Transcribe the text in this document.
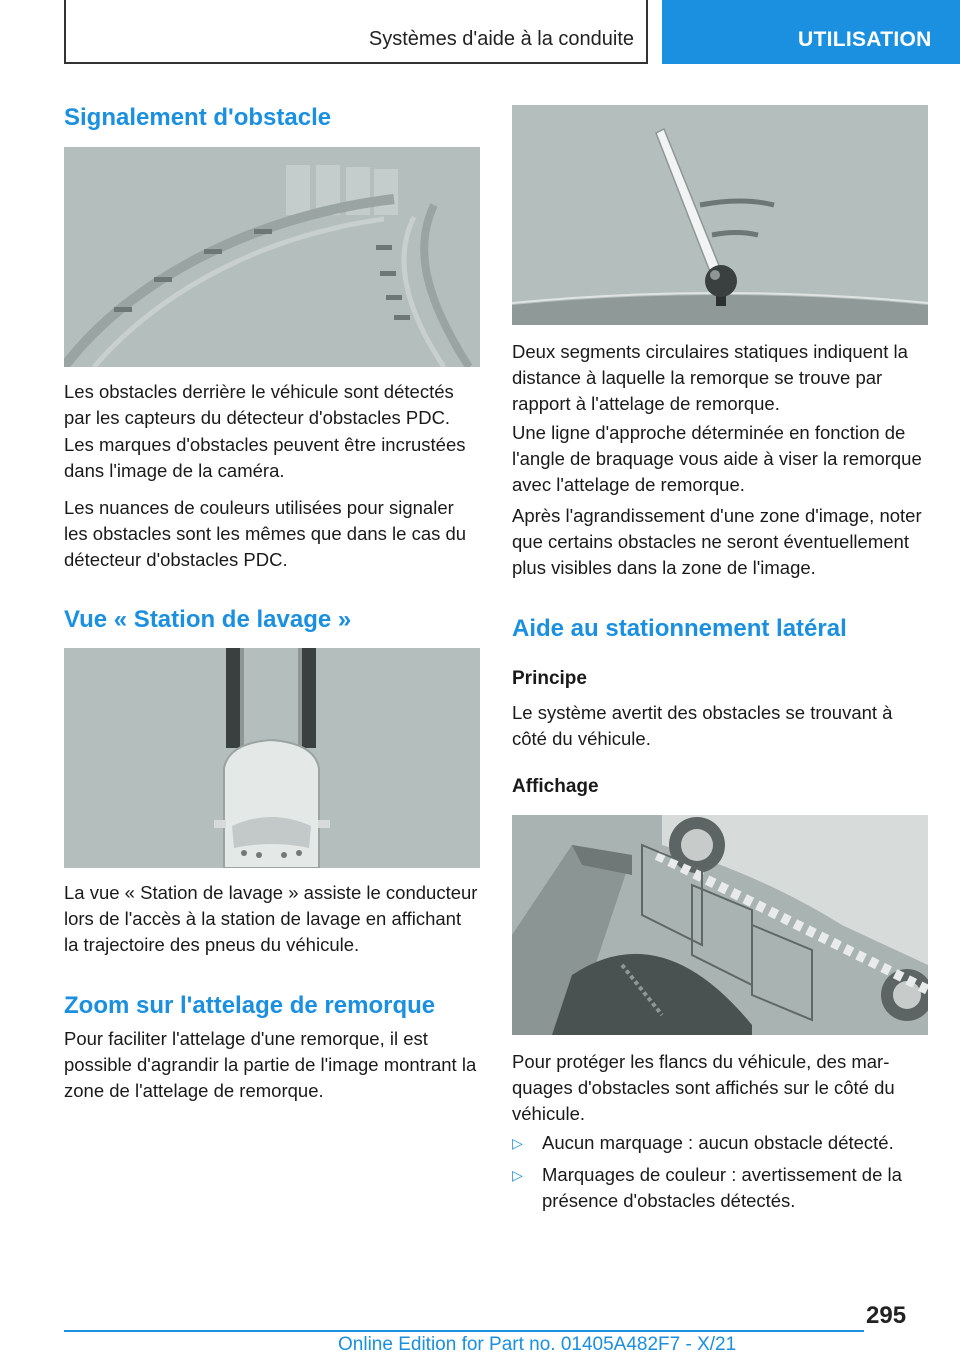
Systèmes d'aide à la conduite	UTILISATION
Signalement d'obstacle

Les obstacles derrière le véhicule sont détectés par les capteurs du détecteur d'obstacles PDC.

Les marques d'obstacles peuvent être incrustées dans l'image de la caméra.

Les nuances de couleurs utilisées pour signaler les obstacles sont les mêmes que dans le cas du détecteur d'obstacles PDC.

Vue « Station de lavage »

La vue « Station de lavage » assiste le conducteur lors de l'accès à la station de lavage en affichant la trajectoire des pneus du véhicule.

Zoom sur l'attelage de remorque

Pour faciliter l'attelage d'une remorque, il est possible d'agrandir la partie de l'image montrant la zone de l'attelage de remorque.

Deux segments circulaires statiques indiquent la distance à laquelle la remorque se trouve par rapport à l'attelage de remorque.

Une ligne d'approche déterminée en fonction de l'angle de braquage vous aide à viser la remorque avec l'attelage de remorque.

Après l'agrandissement d'une zone d'image, noter que certains obstacles ne seront éventuellement plus visibles dans la zone de l'image.

Aide au stationnement latéral
Principe

Le système avertit des obstacles se trouvant à côté du véhicule.

Affichage

Pour protéger les flancs du véhicule, des marquages d'obstacles sont affichés sur le côté du véhicule.

▷ Aucun marquage : aucun obstacle détecté.
▷ Marquages de couleur : avertissement de la présence d'obstacles détectés.
295
Online Edition for Part no. 01405A482F7 - X/21
